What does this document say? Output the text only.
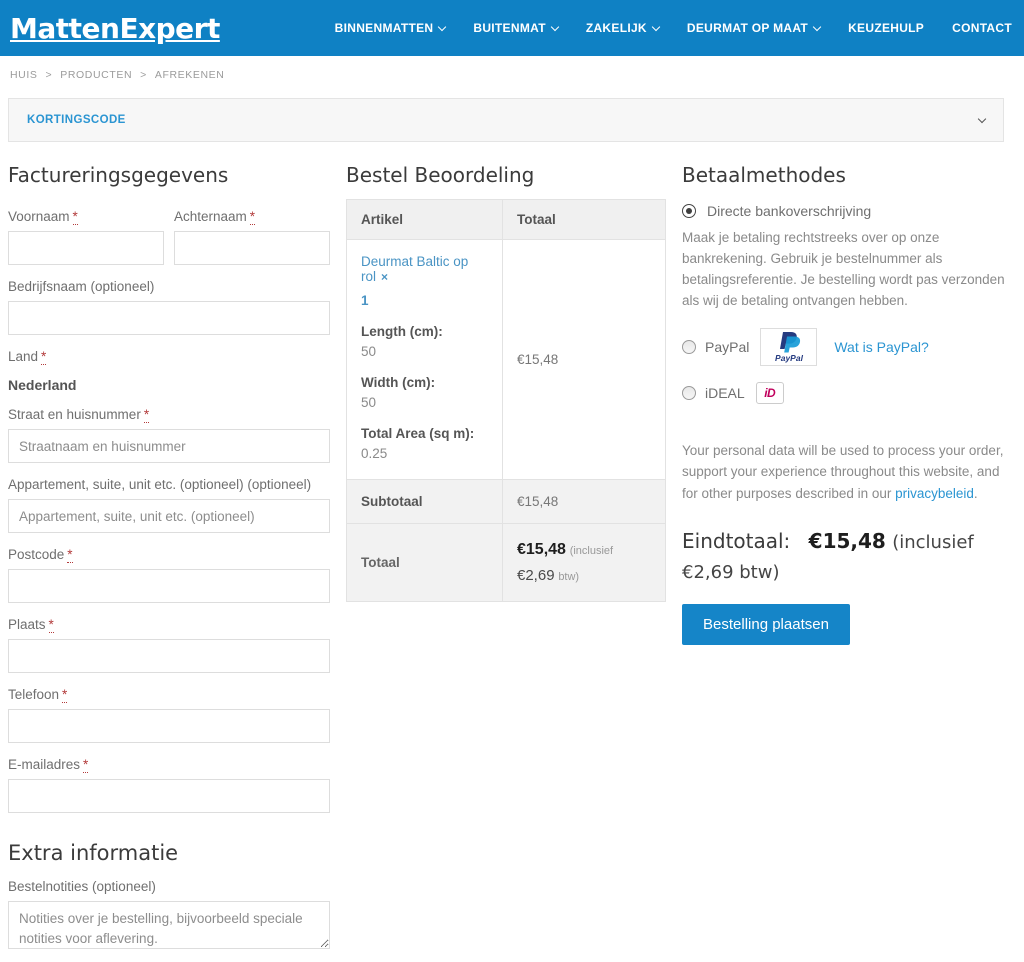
MattenExpert	BINNENMATTEN	BUITENMAT	ZAKELIJK	DEURMAT OP MAAT	KEUZEHULP CONTACT
HUIS > PRODUCTEN > AFREKENEN
KORTINGSCODE
Factureringsgegevens
Voornaam *	Achternaam *
Bedrijfsnaam (optioneel)
Land *
Nederland
Straat en huisnummer *
Straatnaam en huisnummer
Appartement, suite, unit etc. (optioneel) (optioneel)
Appartement, suite, unit etc. (optioneel)
Postcode *
Plaats *
Telefoon *
E-mailadres *
Extra informatie
Bestelnotities (optioneel)
Notities over je bestelling, bijvoorbeeld speciale notities voor aflevering.
Bestel Beoordeling
Artikel	Totaal

Deurmat Baltic op rol ×
1
Length (cm):
50
Width (cm):
50
Total Area (sq m):
0.25
	€15,48
Subtotaal	€15,48
Totaal	€15,48 (inclusief €2,69 btw)
Betaalmethodes
Directe bankoverschrijving

Maak je betaling rechtstreeks over op onze bankrekening. Gebruik je bestelnummer als betalingsreferentie. Je bestelling wordt pas verzonden als wij de betaling ontvangen hebben.

PayPal
PayPal
Wat is PayPal?
iDEAL iD

Your personal data will be used to process your order, support your experience throughout this website, and for other purposes described in our privacybeleid.

Eindtotaal: €15,48 (inclusief €2,69 btw)

Bestelling plaatsen
